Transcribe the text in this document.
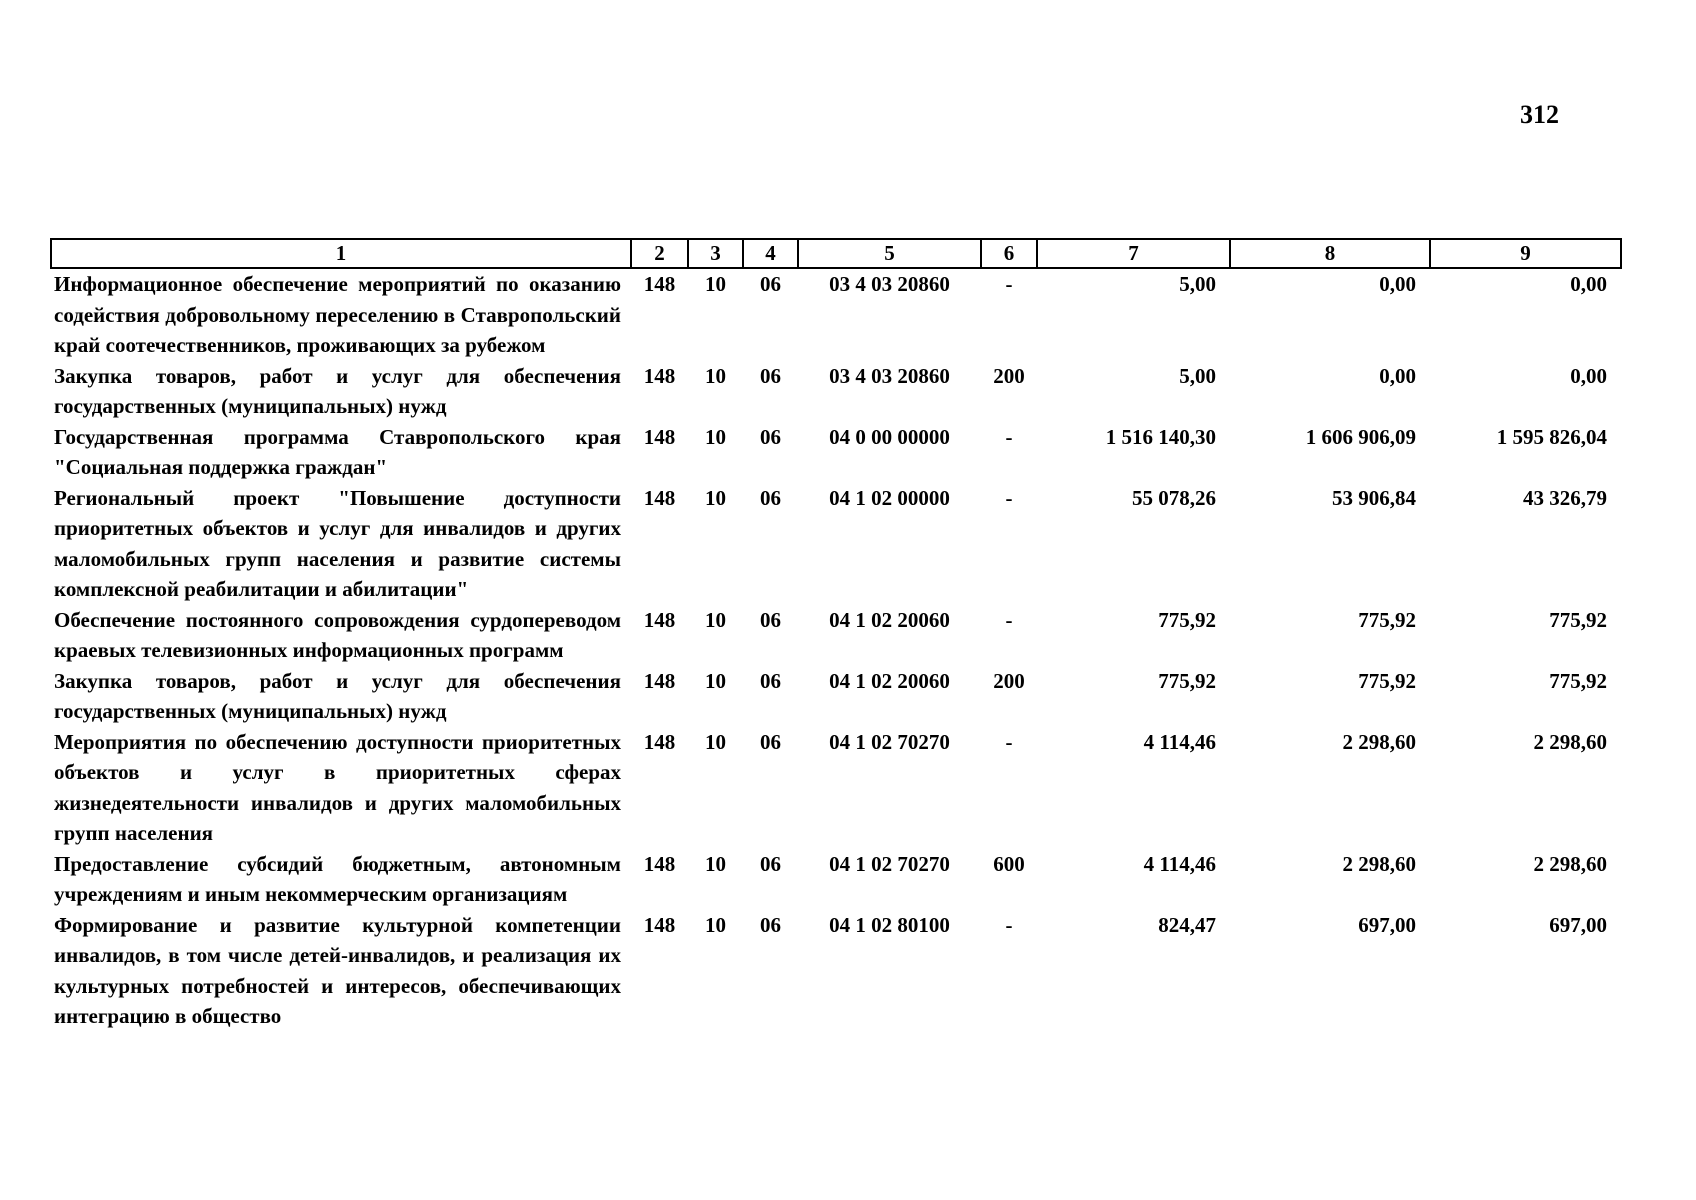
312
1	2	3	4	5	6	7	8	9
Информационное обеспечение мероприятий по оказанию содействия добровольному переселению в Ставропольский край соотечественников, проживающих за рубежом	148	10	06	03 4 03 20860	-	5,00	0,00	0,00
Закупка товаров, работ и услуг для обеспечения государственных (муниципальных) нужд	148	10	06	03 4 03 20860	200	5,00	0,00	0,00
Государственная программа Ставропольского края "Социальная поддержка граждан"	148	10	06	04 0 00 00000	-	1 516 140,30	1 606 906,09	1 595 826,04
Региональный проект "Повышение доступности приоритетных объектов и услуг для инвалидов и других маломобильных групп населения и развитие системы комплексной реабилитации и абилитации"	148	10	06	04 1 02 00000	-	55 078,26	53 906,84	43 326,79
Обеспечение постоянного сопровождения сурдопереводом краевых телевизионных информационных программ	148	10	06	04 1 02 20060	-	775,92	775,92	775,92
Закупка товаров, работ и услуг для обеспечения государственных (муниципальных) нужд	148	10	06	04 1 02 20060	200	775,92	775,92	775,92
Мероприятия по обеспечению доступности приоритетных объектов и услуг в приоритетных сферах жизнедеятельности инвалидов и других маломобильных групп населения	148	10	06	04 1 02 70270	-	4 114,46	2 298,60	2 298,60
Предоставление субсидий бюджетным, автономным учреждениям и иным некоммерческим организациям	148	10	06	04 1 02 70270	600	4 114,46	2 298,60	2 298,60
Формирование и развитие культурной компетенции инвалидов, в том числе детей-инвалидов, и реализация их культурных потребностей и интересов, обеспечивающих интеграцию в общество	148	10	06	04 1 02 80100	-	824,47	697,00	697,00
